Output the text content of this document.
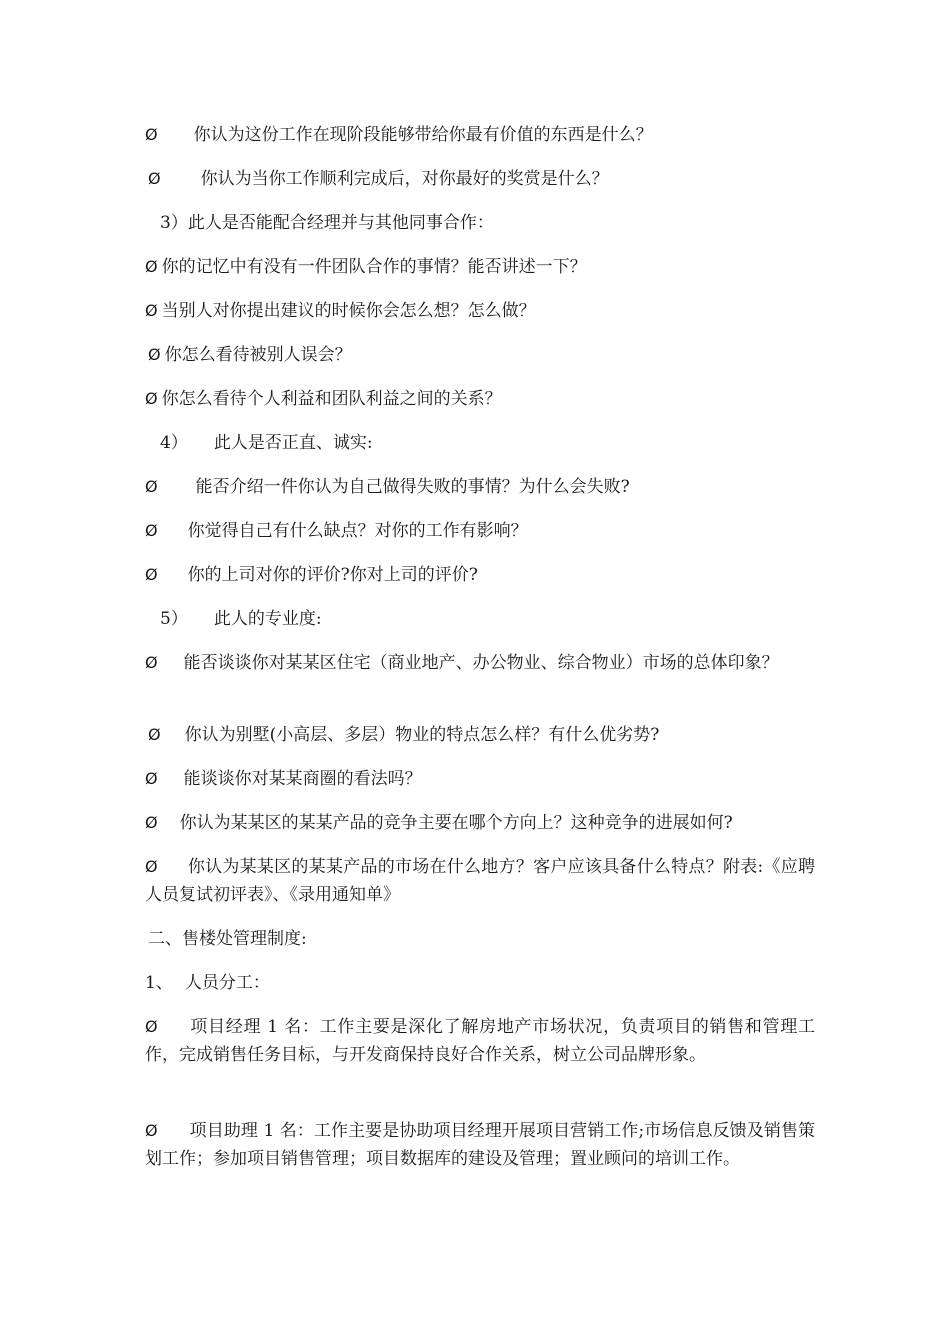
Ø 你认为这份工作在现阶段能够带给你最有价值的东西是什么？
Ø 你认为当你工作顺利完成后，对你最好的奖赏是什么？
3）此人是否能配合经理并与其他同事合作：
Ø 你的记忆中有没有一件团队合作的事情？能否讲述一下？
Ø 当别人对你提出建议的时候你会怎么想？怎么做？
Ø 你怎么看待被别人误会？
Ø 你怎么看待个人利益和团队利益之间的关系？
4） 此人是否正直、诚实:
Ø 能否介绍一件你认为自己做得失败的事情？为什么会失败?
Ø 你觉得自己有什么缺点？对你的工作有影响？
Ø 你的上司对你的评价?你对上司的评价?
5） 此人的专业度:
Ø 能否谈谈你对某某区住宅（商业地产、办公物业、综合物业）市场的总体印象？
Ø 你认为别墅(小高层、多层）物业的特点怎么样？有什么优劣势?
Ø 能谈谈你对某某商圈的看法吗？
Ø 你认为某某区的某某产品的竞争主要在哪个方向上？这种竞争的进展如何?
Ø 你认为某某区的某某产品的市场在什么地方？客户应该具备什么特点？附表:《应聘人员复试初评表》、《录用通知单》
二、售楼处管理制度:
1、 人员分工：
Ø 项目经理 1 名：工作主要是深化了解房地产市场状况，负责项目的销售和管理工作，完成销售任务目标，与开发商保持良好合作关系，树立公司品牌形象。
Ø 项目助理 1 名：工作主要是协助项目经理开展项目营销工作;市场信息反馈及销售策划工作；参加项目销售管理；项目数据库的建设及管理；置业顾问的培训工作。
